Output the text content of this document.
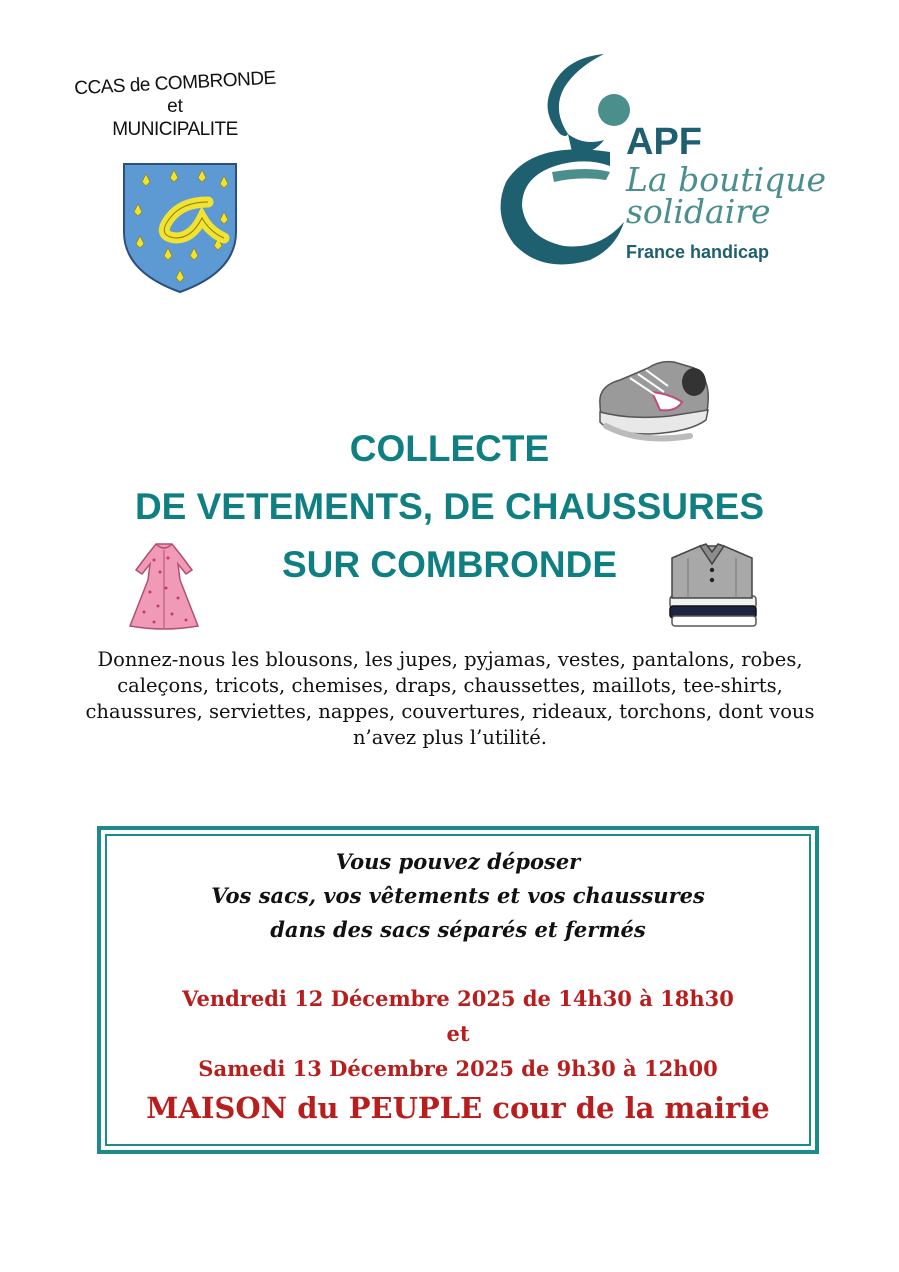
CCAS de COMBRONDE
et
MUNICIPALITE	APF
La boutique
solidaire
France handicap
COLLECTE
DE VETEMENTS, DE CHAUSSURES
SUR COMBRONDE
Donnez-nous les blousons, les jupes, pyjamas, vestes, pantalons, robes,
caleçons, tricots, chemises, draps, chaussettes, maillots, tee-shirts,
chaussures, serviettes, nappes, couvertures, rideaux, torchons, dont vous
n’avez plus l’utilité.
Vous pouvez déposer
Vos sacs, vos vêtements et vos chaussures
dans des sacs séparés et fermés
Vendredi 12 Décembre 2025 de 14h30 à 18h30
et
Samedi 13 Décembre 2025 de 9h30 à 12h00
MAISON du PEUPLE cour de la mairie
